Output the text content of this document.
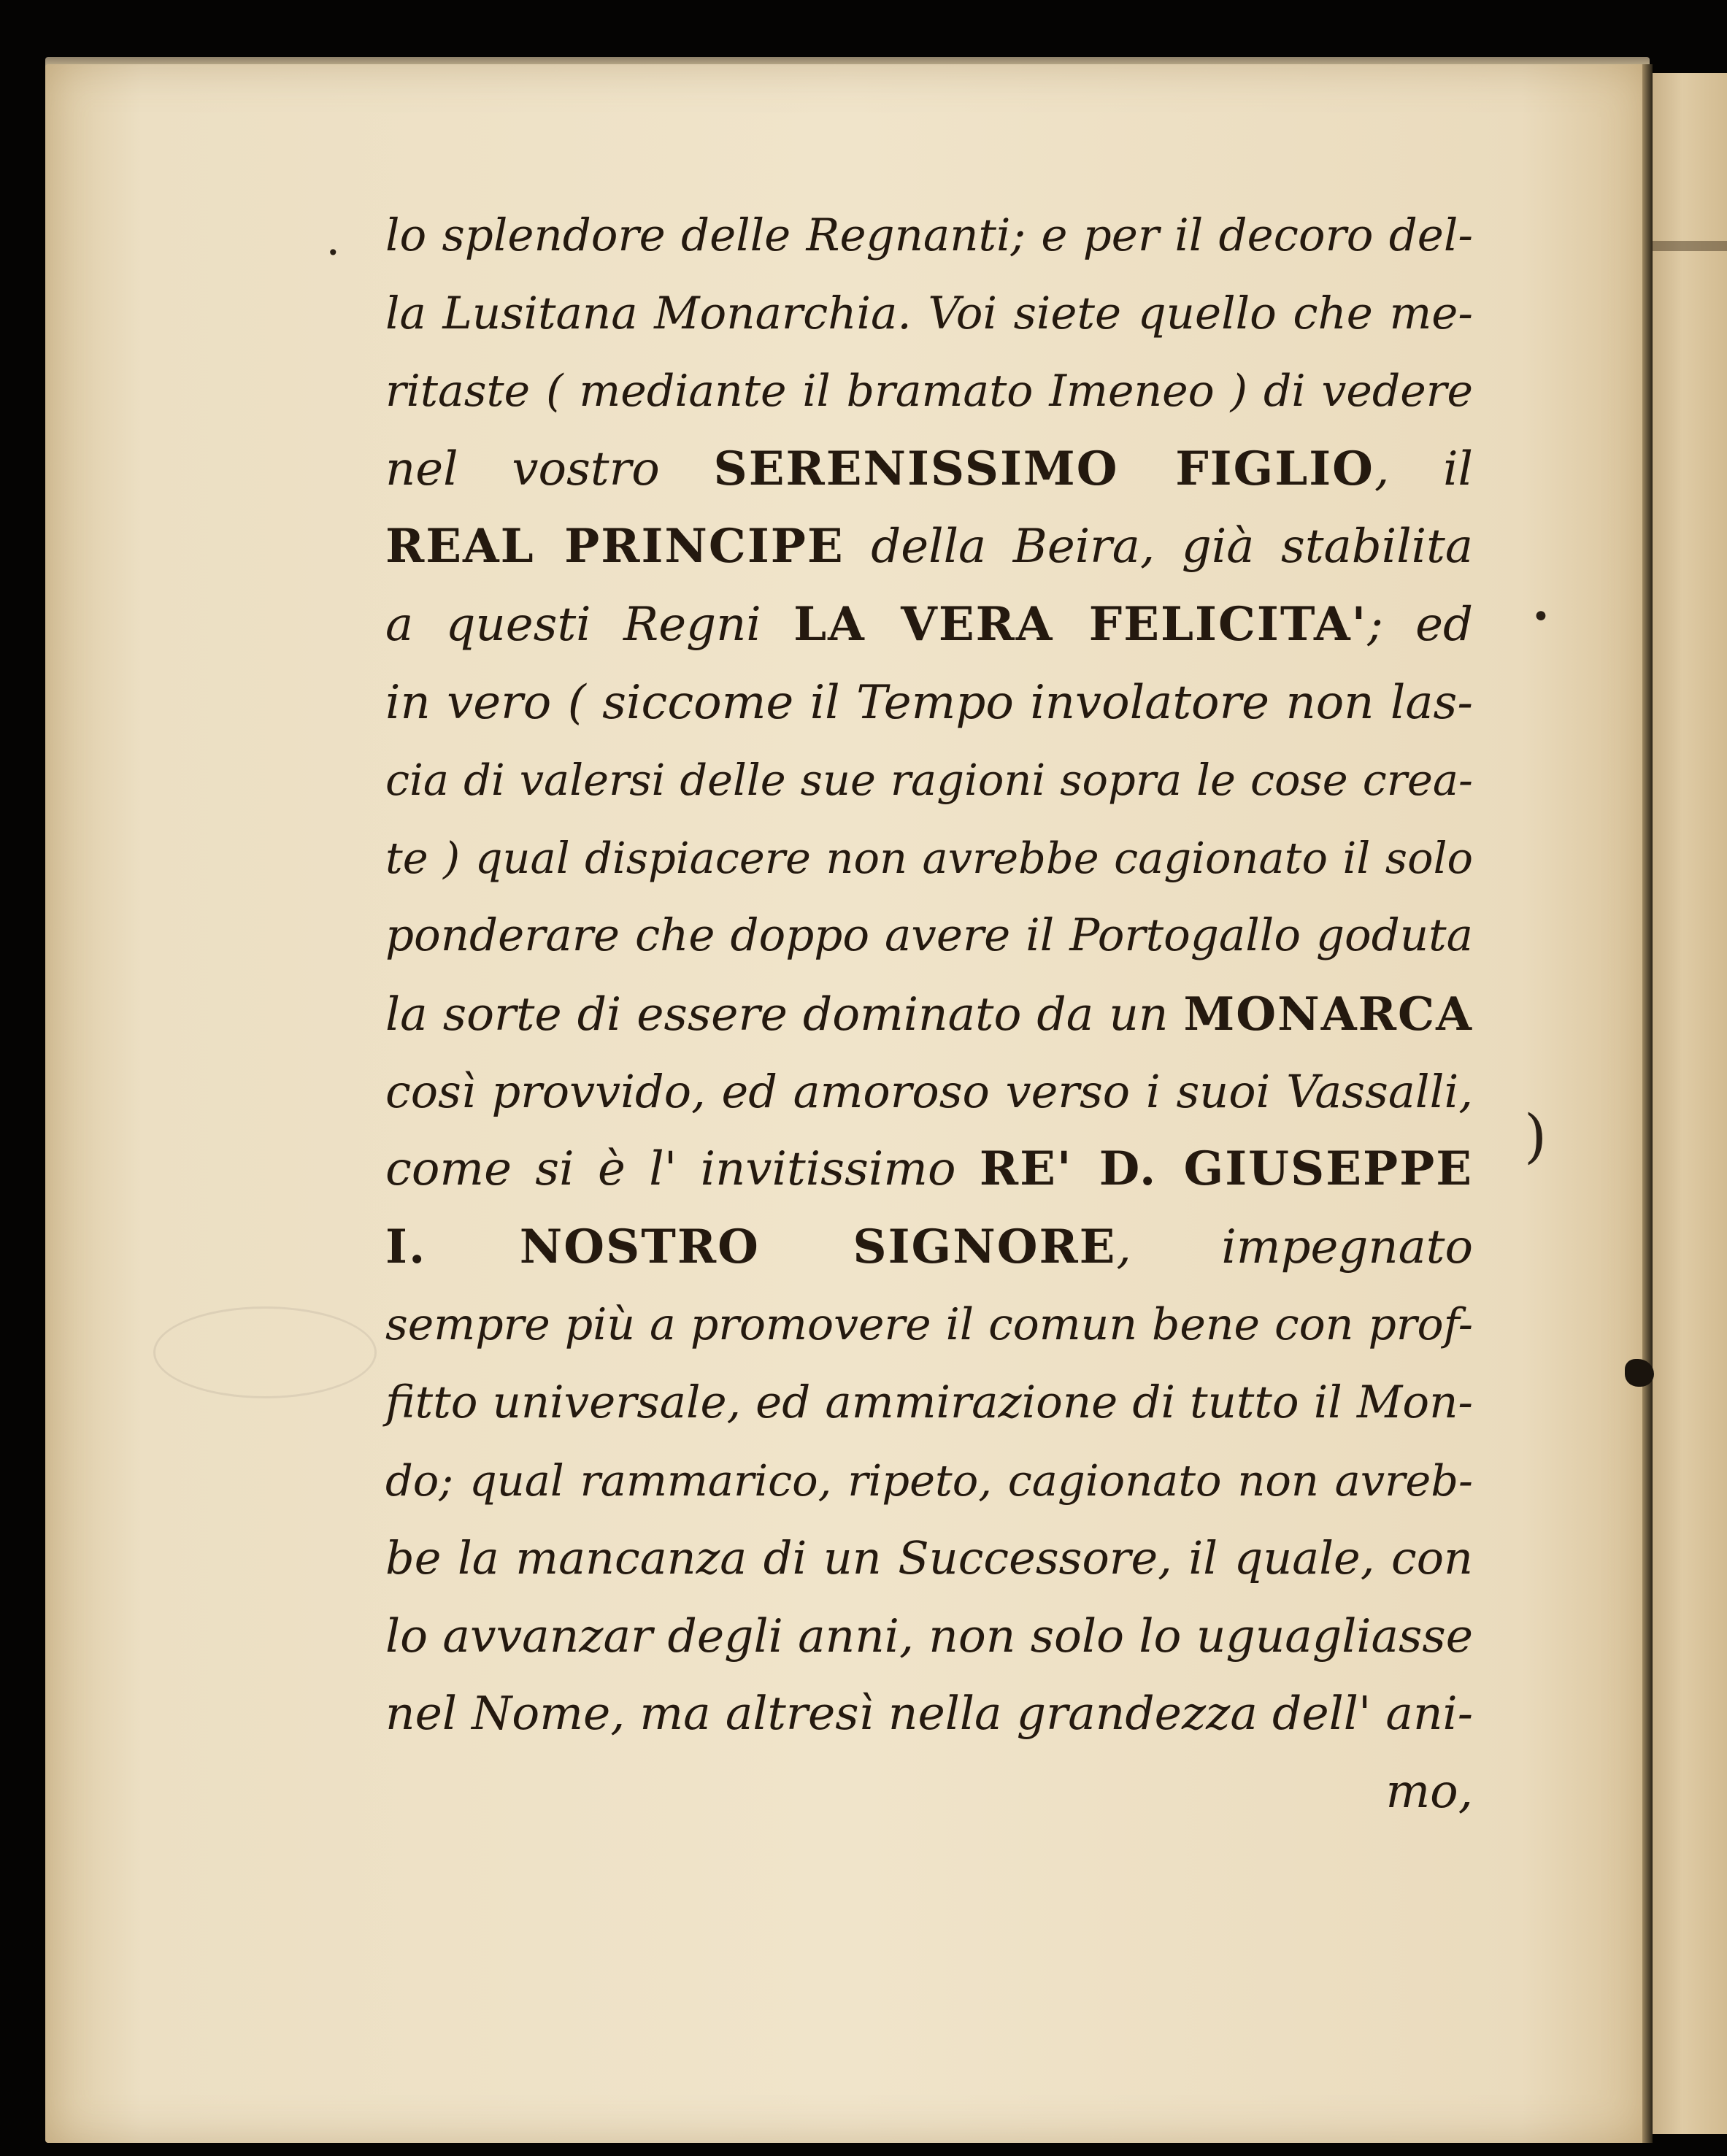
•
•
)
lo splendore delle Regnanti; e per il decoro del-
la Lusitana Monarchia. Voi siete quello che me-
ritaste ( mediante il bramato Imeneo ) di vedere
nel vostro SERENISSIMO FIGLIO, il
REAL PRINCIPE della Beira, già stabilita
a questi Regni LA VERA FELICITA'; ed
in vero ( siccome il Tempo involatore non las-
cia di valersi delle sue ragioni sopra le cose crea-
te ) qual dispiacere non avrebbe cagionato il solo
ponderare che doppo avere il Portogallo goduta
la sorte di essere dominato da un MONARCA
così provvido, ed amoroso verso i suoi Vassalli,
come si è l' invitissimo RE' D. GIUSEPPE
I. NOSTRO SIGNORE, impegnato
sempre più a promovere il comun bene con prof-
fitto universale, ed ammirazione di tutto il Mon-
do; qual rammarico, ripeto, cagionato non avreb-
be la mancanza di un Successore, il quale, con
lo avvanzar degli anni, non solo lo uguagliasse
nel Nome, ma altresì nella grandezza dell' ani-
mo,
